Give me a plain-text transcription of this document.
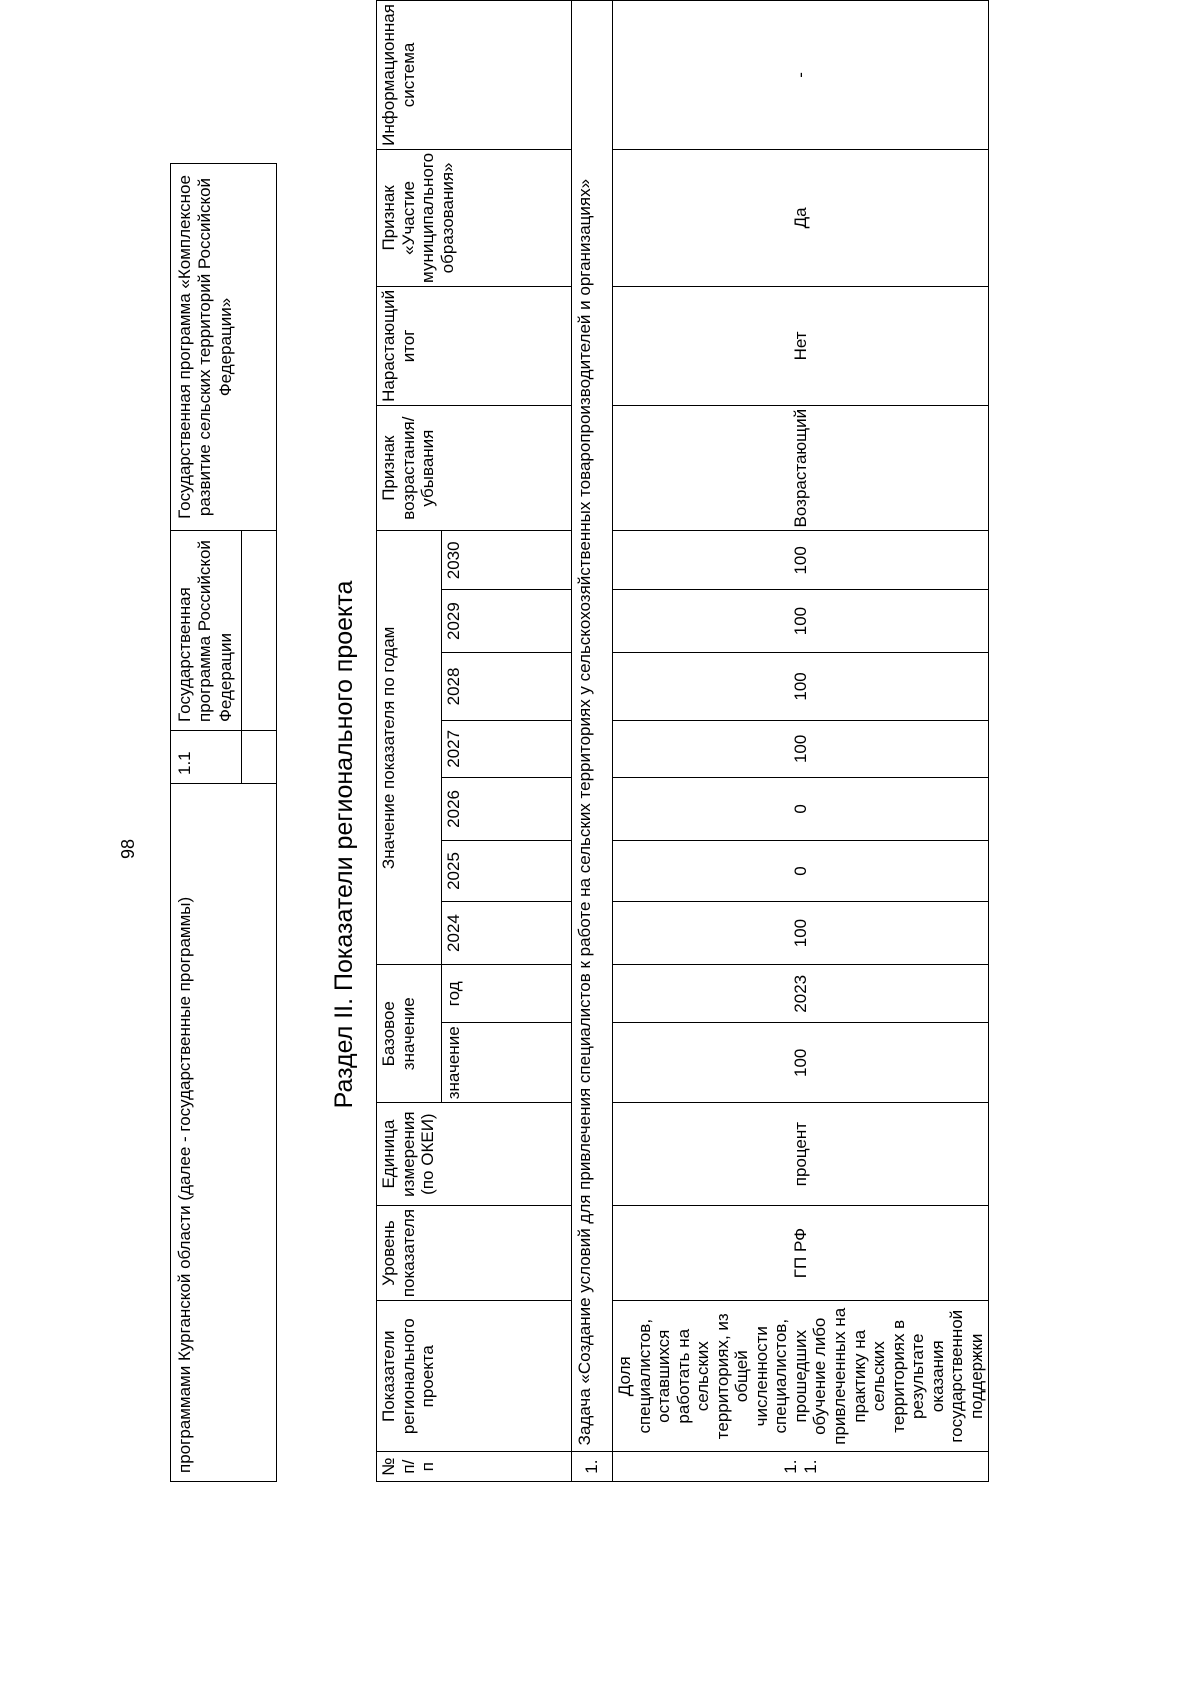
98
программами Курганской области (далее - государственные программы)	1.1	Государственная программа Российской Федерации	Государственная программа «Комплексное развитие сельских территорий Российской Федерации»

Раздел II. Показатели регионального проекта
№ п/п	Показатели регионального проекта	Уровень показателя	Единица измерения (по ОКЕИ)	Базовое значение		Значение показателя по годам							Признак возрастания/ убывания	Нарастающий итог	Признак «Участие муниципального образования»	Информационная система
				значение	год	2024	2025	2026	2027	2028	2029	2030				
1.	Задача «Создание условий для привлечения специалистов к работе на сельских территориях у сельскохозяйственных товаропроизводителей и организациях»															
1. 1.	Доля специалистов, оставшихся работать на сельских территориях, из общей численности специалистов, прошедших обучение либо привлеченных на практику на сельских территориях в результате оказания государственной поддержки	ГП РФ	процент	100	2023	100	0	0	100	100	100	100	Возрастающий	Нет	Да	-
